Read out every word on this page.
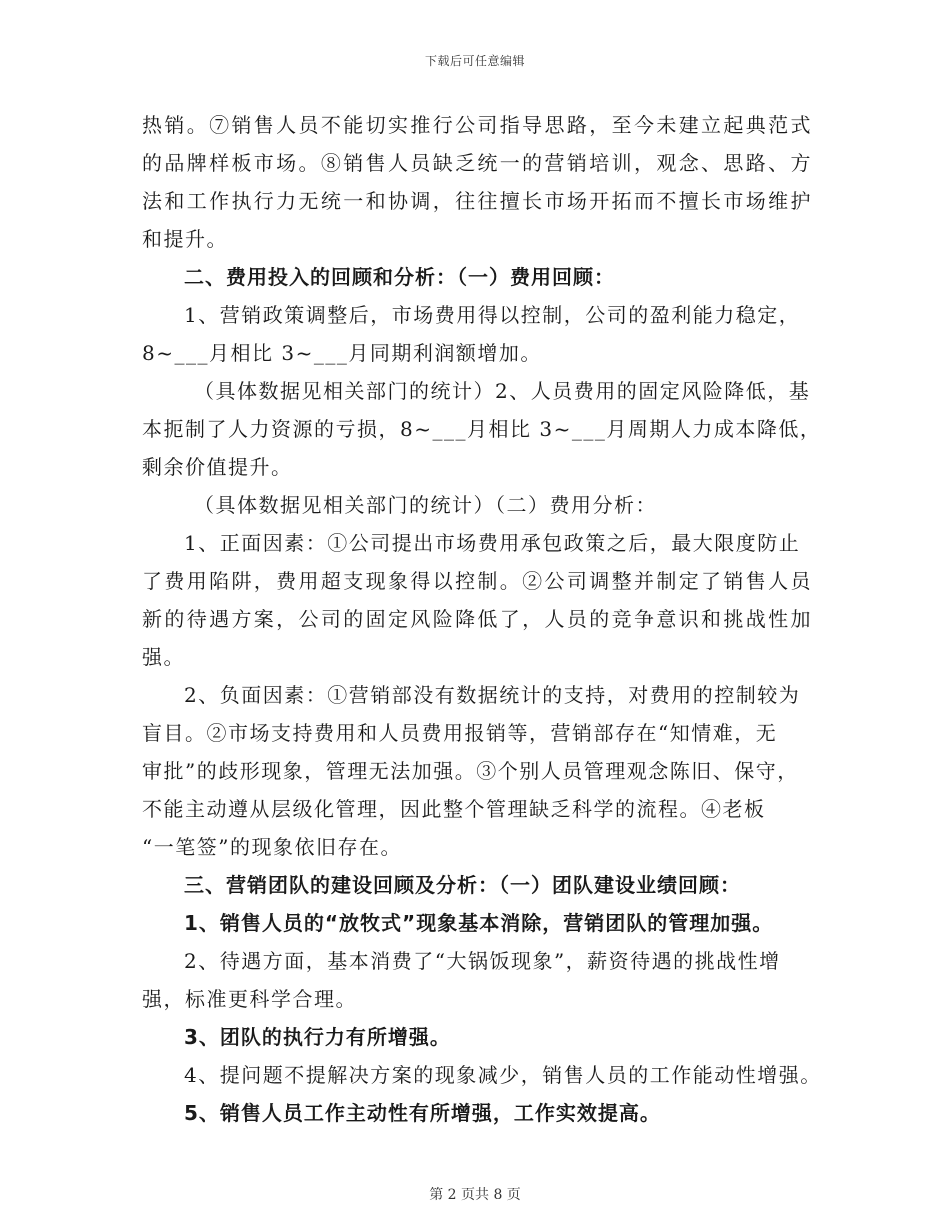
下载后可任意编辑
热销。⑦销售人员不能切实推行公司指导思路，至今未建立起典范式
的品牌样板市场。⑧销售人员缺乏统一的营销培训，观念、思路、方
法和工作执行力无统一和协调，往往擅长市场开拓而不擅长市场维护
和提升。
二、费用投入的回顾和分析：（一）费用回顾：
1、营销政策调整后，市场费用得以控制，公司的盈利能力稳定，
8~___月相比 3~___月同期利润额增加。
（具体数据见相关部门的统计）2、人员费用的固定风险降低，基
本扼制了人力资源的亏损，8~___月相比 3~___月周期人力成本降低，
剩余价值提升。
（具体数据见相关部门的统计）（二）费用分析：
1、正面因素：①公司提出市场费用承包政策之后，最大限度防止
了费用陷阱，费用超支现象得以控制。②公司调整并制定了销售人员
新的待遇方案，公司的固定风险降低了，人员的竞争意识和挑战性加
强。
2、负面因素：①营销部没有数据统计的支持，对费用的控制较为
盲目。②市场支持费用和人员费用报销等，营销部存在“知情难，无
审批”的歧形现象，管理无法加强。③个别人员管理观念陈旧、保守，
不能主动遵从层级化管理，因此整个管理缺乏科学的流程。④老板
“一笔签”的现象依旧存在。
三、营销团队的建设回顾及分析：（一）团队建设业绩回顾：
1、销售人员的“放牧式”现象基本消除，营销团队的管理加强。
2、待遇方面，基本消费了“大锅饭现象”，薪资待遇的挑战性增
强，标准更科学合理。
3、团队的执行力有所增强。
4、提问题不提解决方案的现象减少，销售人员的工作能动性增强。
5、销售人员工作主动性有所增强，工作实效提高。
第 2 页共 8 页
